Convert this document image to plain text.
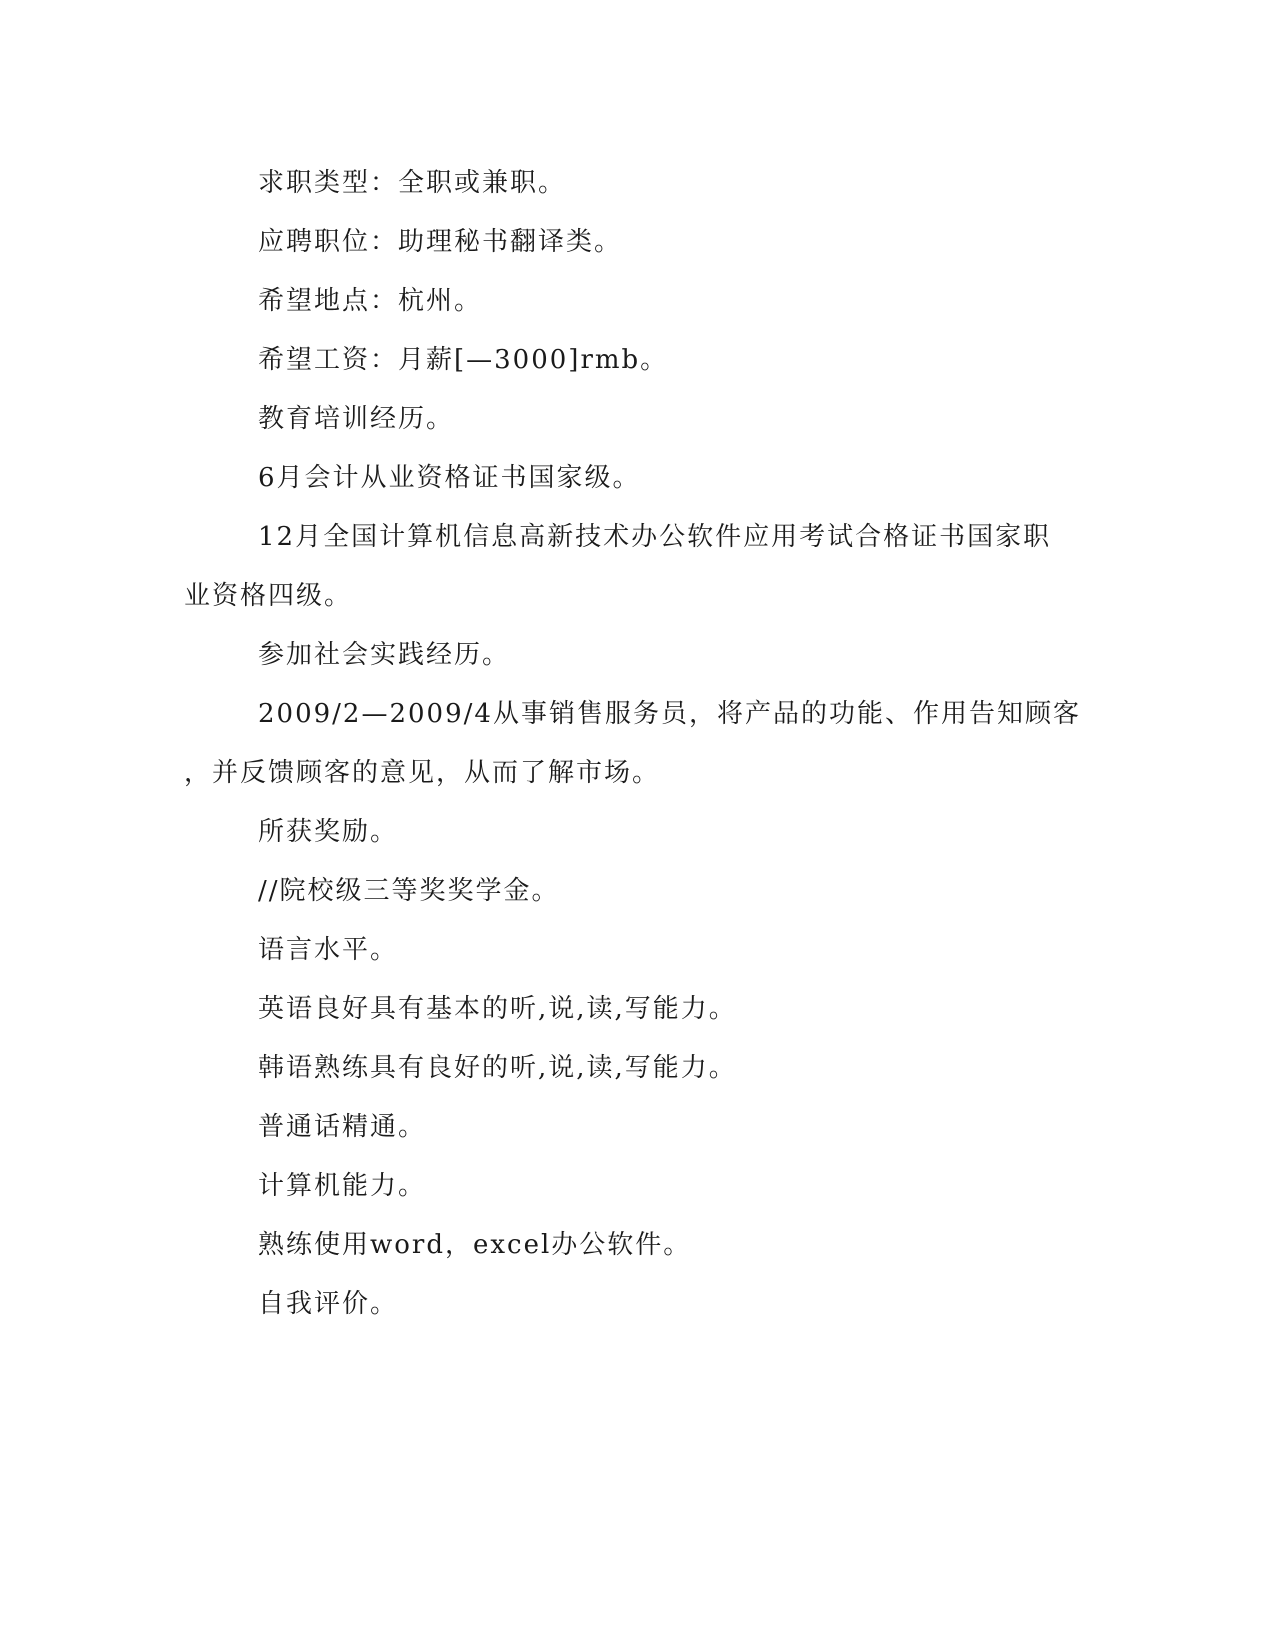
求职类型：全职或兼职。
应聘职位：助理秘书翻译类。
希望地点：杭州。
希望工资：月薪[—3000]rmb。
教育培训经历。
6月会计从业资格证书国家级。
12月全国计算机信息高新技术办公软件应用考试合格证书国家职
业资格四级。
参加社会实践经历。
2009/2—2009/4从事销售服务员，将产品的功能、作用告知顾客
，并反馈顾客的意见，从而了解市场。
所获奖励。
//院校级三等奖奖学金。
语言水平。
英语良好具有基本的听,说,读,写能力。
韩语熟练具有良好的听,说,读,写能力。
普通话精通。
计算机能力。
熟练使用word，excel办公软件。
自我评价。
